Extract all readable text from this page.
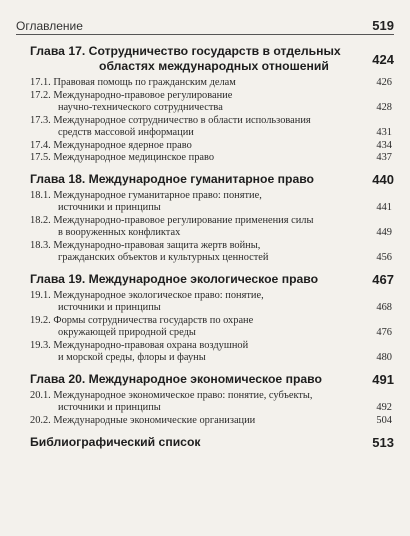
Оглавление	519
Глава 17. Сотрудничество государств в отдельных
областях международных отношений	424
17.1. Правовая помощь по гражданским делам	426
17.2. Международно-правовое регулирование
научно-технического сотрудничества	428
17.3. Международное сотрудничество в области использования
средств массовой информации	431
17.4. Международное ядерное право	434
17.5. Международное медицинское право	437
Глава 18. Международное гуманитарное право	440
18.1. Международное гуманитарное право: понятие,
источники и принципы	441
18.2. Международно-правовое регулирование применения силы
в вооруженных конфликтах	449
18.3. Международно-правовая защита жертв войны,
гражданских объектов и культурных ценностей	456
Глава 19. Международное экологическое право	467
19.1. Международное экологическое право: понятие,
источники и принципы	468
19.2. Формы сотрудничества государств по охране
окружающей природной среды	476
19.3. Международно-правовая охрана воздушной
и морской среды, флоры и фауны	480
Глава 20. Международное экономическое право	491
20.1. Международное экономическое право: понятие, субъекты,
источники и принципы	492
20.2. Международные экономические организации	504
Библиографический список	513
